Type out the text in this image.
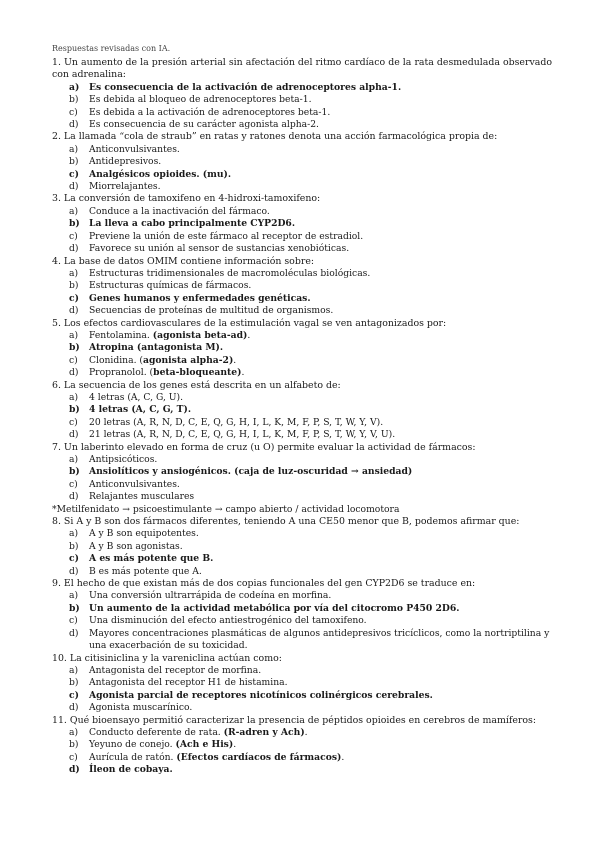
Respuestas revisadas con IA.
1. Un aumento de la presión arterial sin afectación del ritmo cardíaco de la rata desmedulada observado con adrenalina:
a)	Es consecuencia de la activación de adrenoceptores alpha-1.
b)	Es debida al bloqueo de adrenoceptores beta-1.
c)	Es debida a la activación de adrenoceptores beta-1.
d)	Es consecuencia de su carácter agonista alpha-2.
2. La llamada “cola de straub” en ratas y ratones denota una acción farmacológica propia de:
a)	Anticonvulsivantes.
b)	Antidepresivos.
c)	Analgésicos opioides. (mu).
d)	Miorrelajantes.
3. La conversión de tamoxifeno en 4-hidroxi-tamoxifeno:
a)	Conduce a la inactivación del fármaco.
b)	La lleva a cabo principalmente CYP2D6.
c)	Previene la unión de este fármaco al receptor de estradiol.
d)	Favorece su unión al sensor de sustancias xenobióticas.
4. La base de datos OMIM contiene información sobre:
a)	Estructuras tridimensionales de macromoléculas biológicas.
b)	Estructuras químicas de fármacos.
c)	Genes humanos y enfermedades genéticas.
d)	Secuencias de proteínas de multitud de organismos.
5. Los efectos cardiovasculares de la estimulación vagal se ven antagonizados por:
a)	Fentolamina. (agonista beta-ad).
b)	Atropina (antagonista M).
c)	Clonidina. (agonista alpha-2).
d)	Propranolol. (beta-bloqueante).
6. La secuencia de los genes está descrita en un alfabeto de:
a)	4 letras (A, C, G, U).
b)	4 letras (A, C, G, T).
c)	20 letras (A, R, N, D, C, E, Q, G, H, I, L, K, M, F, P, S, T, W, Y, V).
d)	21 letras (A, R, N, D, C, E, Q, G, H, I, L, K, M, F, P, S, T, W, Y, V, U).
7. Un laberinto elevado en forma de cruz (u O) permite evaluar la actividad de fármacos:
a)	Antipsicóticos.
b)	Ansiolíticos y ansiogénicos. (caja de luz-oscuridad → ansiedad)
c)	Anticonvulsivantes.
d)	Relajantes musculares
*Metilfenidato → psicoestimulante → campo abierto / actividad locomotora
8. Si A y B son dos fármacos diferentes, teniendo A una CE50 menor que B, podemos afirmar que:
a)	A y B son equipotentes.
b)	A y B son agonistas.
c)	A es más potente que B.
d)	B es más potente que A.
9. El hecho de que existan más de dos copias funcionales del gen CYP2D6 se traduce en:
a)	Una conversión ultrarrápida de codeína en morfina.
b)	Un aumento de la actividad metabólica por vía del citocromo P450 2D6.
c)	Una disminución del efecto antiestrogénico del tamoxifeno.
d)	Mayores concentraciones plasmáticas de algunos antidepresivos tricíclicos, como la nortriptilina y una exacerbación de su toxicidad.
10. La citisiniclina y la vareniclina actúan como:
a)	Antagonista del receptor de morfina.
b)	Antagonista del receptor H1 de histamina.
c)	Agonista parcial de receptores nicotínicos colinérgicos cerebrales.
d)	Agonista muscarínico.
11. Qué bioensayo permitió caracterizar la presencia de péptidos opioides en cerebros de mamíferos:
a)	Conducto deferente de rata. (R-adren y Ach).
b)	Yeyuno de conejo. (Ach e His).
c)	Aurícula de ratón. (Efectos cardíacos de fármacos).
d)	Íleon de cobaya.
